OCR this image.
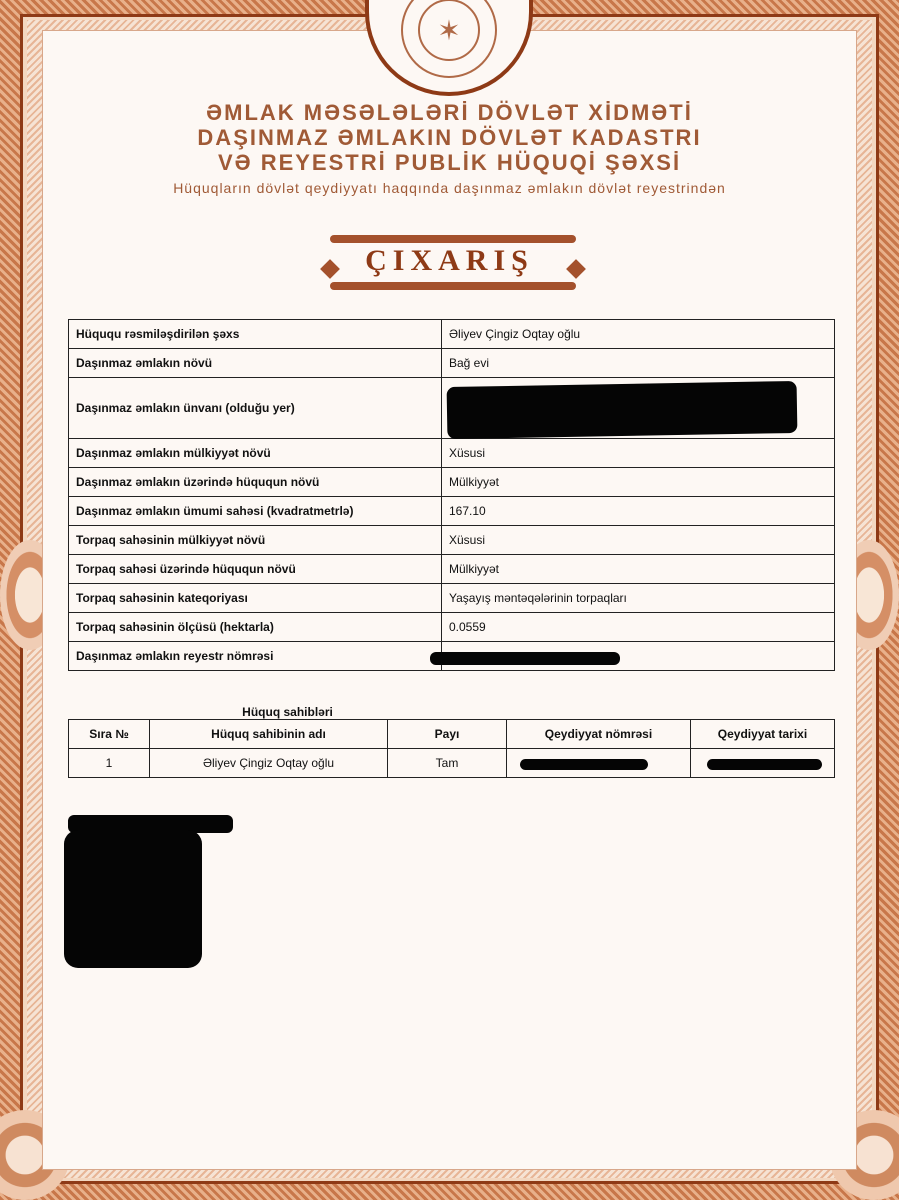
✶
ƏMLAK MƏSƏLƏLƏRİ DÖVLƏT XİDMƏTİ
DAŞINMAZ ƏMLAKIN DÖVLƏT KADASTRI
VƏ REYESTRİ PUBLİK HÜQUQİ ŞƏXSİ
Hüquqların dövlət qeydiyyatı haqqında daşınmaz əmlakın dövlət reyestrindən
ÇIXARIŞ
Hüququ rəsmiləşdirilən şəxs	Əliyev Çingiz Oqtay oğlu
Daşınmaz əmlakın növü	Bağ evi
Daşınmaz əmlakın ünvanı (olduğu yer)	
Daşınmaz əmlakın mülkiyyət növü	Xüsusi
Daşınmaz əmlakın üzərində hüququn növü	Mülkiyyət
Daşınmaz əmlakın ümumi sahəsi (kvadratmetrlə)	167.10
Torpaq sahəsinin mülkiyyət növü	Xüsusi
Torpaq sahəsi üzərində hüququn növü	Mülkiyyət
Torpaq sahəsinin kateqoriyası	Yaşayış məntəqələrinin torpaqları
Torpaq sahəsinin ölçüsü (hektarla)	0.0559
Daşınmaz əmlakın reyestr nömrəsi	
Hüquq sahibləri
Sıra №	Hüquq sahibinin adı	Payı	Qeydiyyat nömrəsi	Qeydiyyat tarixi
1	Əliyev Çingiz Oqtay oğlu	Tam		
